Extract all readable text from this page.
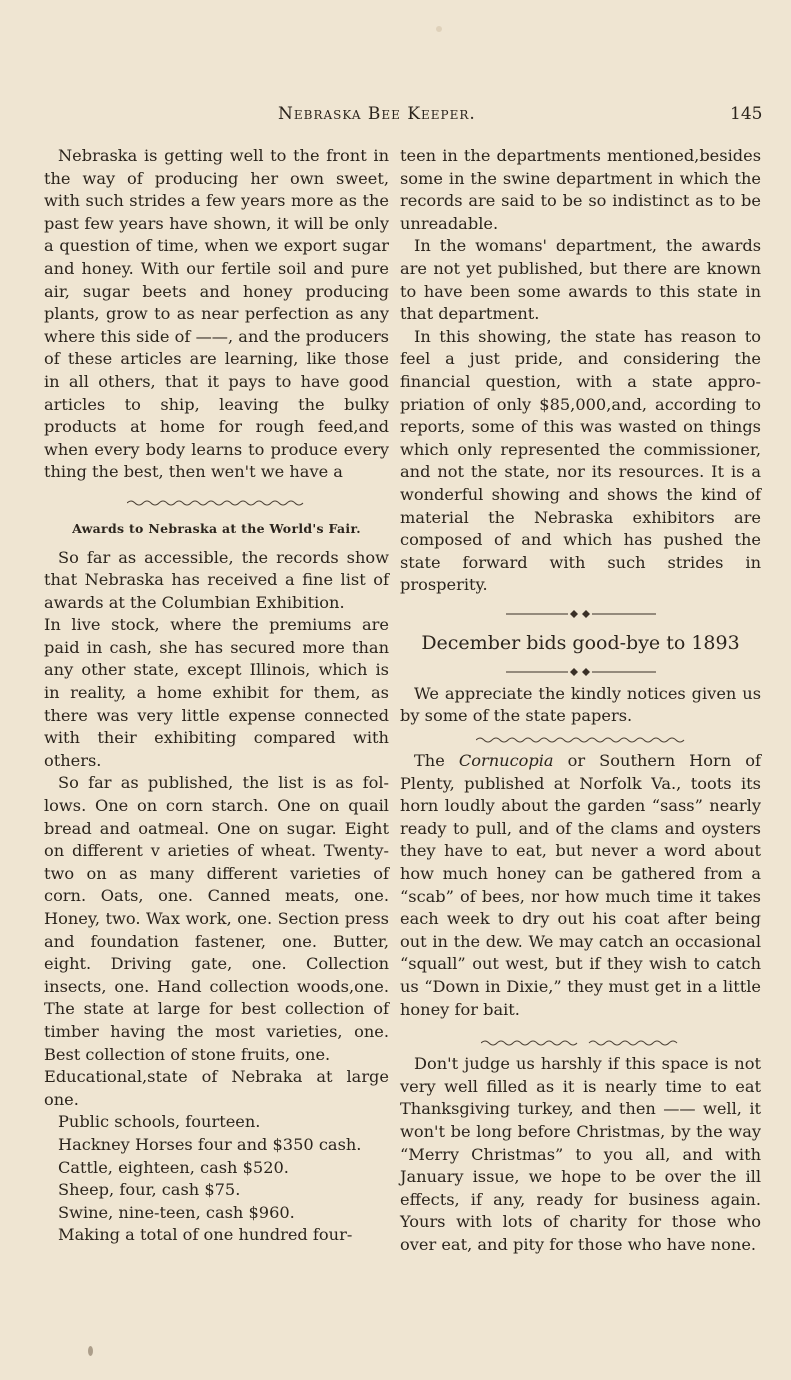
Nebraska Bee Keeper.	145

Nebraska is getting well to the front in the way of producing her own sweet, with such strides a few years more as the past few years have shown, it will be only a question of time, when we export sugar and honey. With our fertile soil and pure air, sugar beets and honey producing plants, grow to as near perfection as any where this side of ——, and the producers of these articles are learning, like those in all others, that it pays to have good articles to ship, leaving the bulky products at home for rough feed,and when every body learns to produce every thing the best, then wen't we have a

Awards to Nebraska at the World's Fair.

So far as accessible, the records show that Nebraska has received a fine list of awards at the Columbian Exhibition.

In live stock, where the premiums are paid in cash, she has secured more than any other state, except Illinois, which is in reality, a home exhibit for them, as there was very little expense connected with their exhibiting compared with others.

So far as published, the list is as follows. One on corn starch. One on quail bread and oatmeal. One on sugar. Eight on different v arieties of wheat. Twenty-two on as many different varieties of corn. Oats, one. Canned meats, one. Honey, two. Wax work, one. Section press and foundation fastener, one. Butter, eight. Driving gate, one. Collection insects, one. Hand collection woods,one. The state at large for best collection of timber having the most varieties, one. Best collection of stone fruits, one.

Educational,state of Nebraka at large one.

Public schools, fourteen.

Hackney Horses four and $350 cash.

Cattle, eighteen, cash $520.

Sheep, four, cash $75.

Swine, nine-teen, cash $960.

Making a total of one hundred four-

teen in the departments mentioned,besides some in the swine department in which the records are said to be so indistinct as to be unreadable.

In the womans' department, the awards are not yet published, but there are known to have been some awards to this state in that department.

In this showing, the state has reason to feel a just pride, and considering the financial question, with a state appropriation of only $85,000,and, according to reports, some of this was wasted on things which only represented the commissioner, and not the state, nor its resources. It is a wonderful showing and shows the kind of material the Nebraska exhibitors are composed of and which has pushed the state forward with such strides in prosperity.

December bids good-bye to 1893

We appreciate the kindly notices given us by some of the state papers.

The Cornucopia or Southern Horn of Plenty, published at Norfolk Va., toots its horn loudly about the garden “sass” nearly ready to pull, and of the clams and oysters they have to eat, but never a word about how much honey can be gathered from a “scab” of bees, nor how much time it takes each week to dry out his coat after being out in the dew. We may catch an occasional “squall” out west, but if they wish to catch us “Down in Dixie,” they must get in a little honey for bait.

Don't judge us harshly if this space is not very well filled as it is nearly time to eat Thanksgiving turkey, and then —— well, it won't be long before Christmas, by the way “Merry Christmas” to you all, and with January issue, we hope to be over the ill effects, if any, ready for business again. Yours with lots of charity for those who over eat, and pity for those who have none.
